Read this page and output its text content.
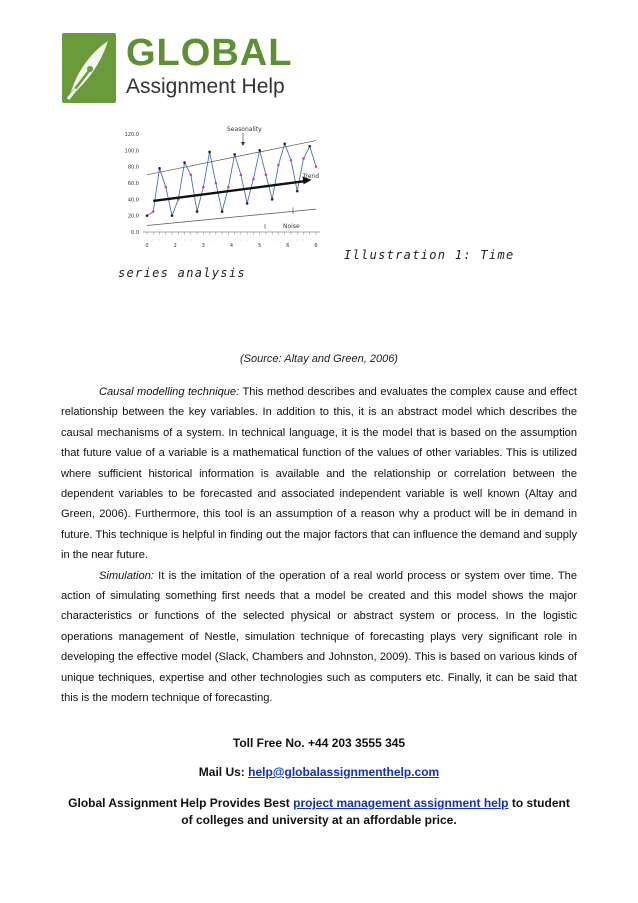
GLOBAL
Assignment Help
0.0
20.0
40.0
60.0
80.0
100.0
120.0
◦ ◦ ◦ ◦ ◦ ◦ ◦ ◦ ◦ ◦ ◦ ◦ ◦ ◦ ◦ ◦ ◦ ◦ ◦ ◦ ◦ ◦ ◦ ◦ ◦ ◦ ◦ ◦
0	2	3	4	5	6	6
Seasonality
Trend
Noise
Illustration 1: Time
series analysis
(Source: Altay and Green, 2006)

Causal modelling technique: This method describes and evaluates the complex cause and effect relationship between the key variables. In addition to this, it is an abstract model which describes the causal mechanisms of a system. In technical language, it is the model that is based on the assumption that future value of a variable is a mathematical function of the values of other variables. This is utilized where sufficient historical information is available and the relationship or correlation between the dependent variables to be forecasted and associated independent variable is well known (Altay and Green, 2006). Furthermore, this tool is an assumption of a reason why a product will be in demand in future. This technique is helpful in finding out the major factors that can influence the demand and supply in the near future.

Simulation: It is the imitation of the operation of a real world process or system over time. The action of simulating something first needs that a model be created and this model shows the major characteristics or functions of the selected physical or abstract system or process. In the logistic operations management of Nestle, simulation technique of forecasting plays very significant role in developing the effective model (Slack, Chambers and Johnston, 2009). This is based on various kinds of unique techniques, expertise and other technologies such as computers etc. Finally, it can be said that this is the modern technique of forecasting.

Toll Free No. +44 203 3555 345
Mail Us: help@globalassignmenthelp.com
Global Assignment Help Provides Best project management assignment help to student of colleges and university at an affordable price.
